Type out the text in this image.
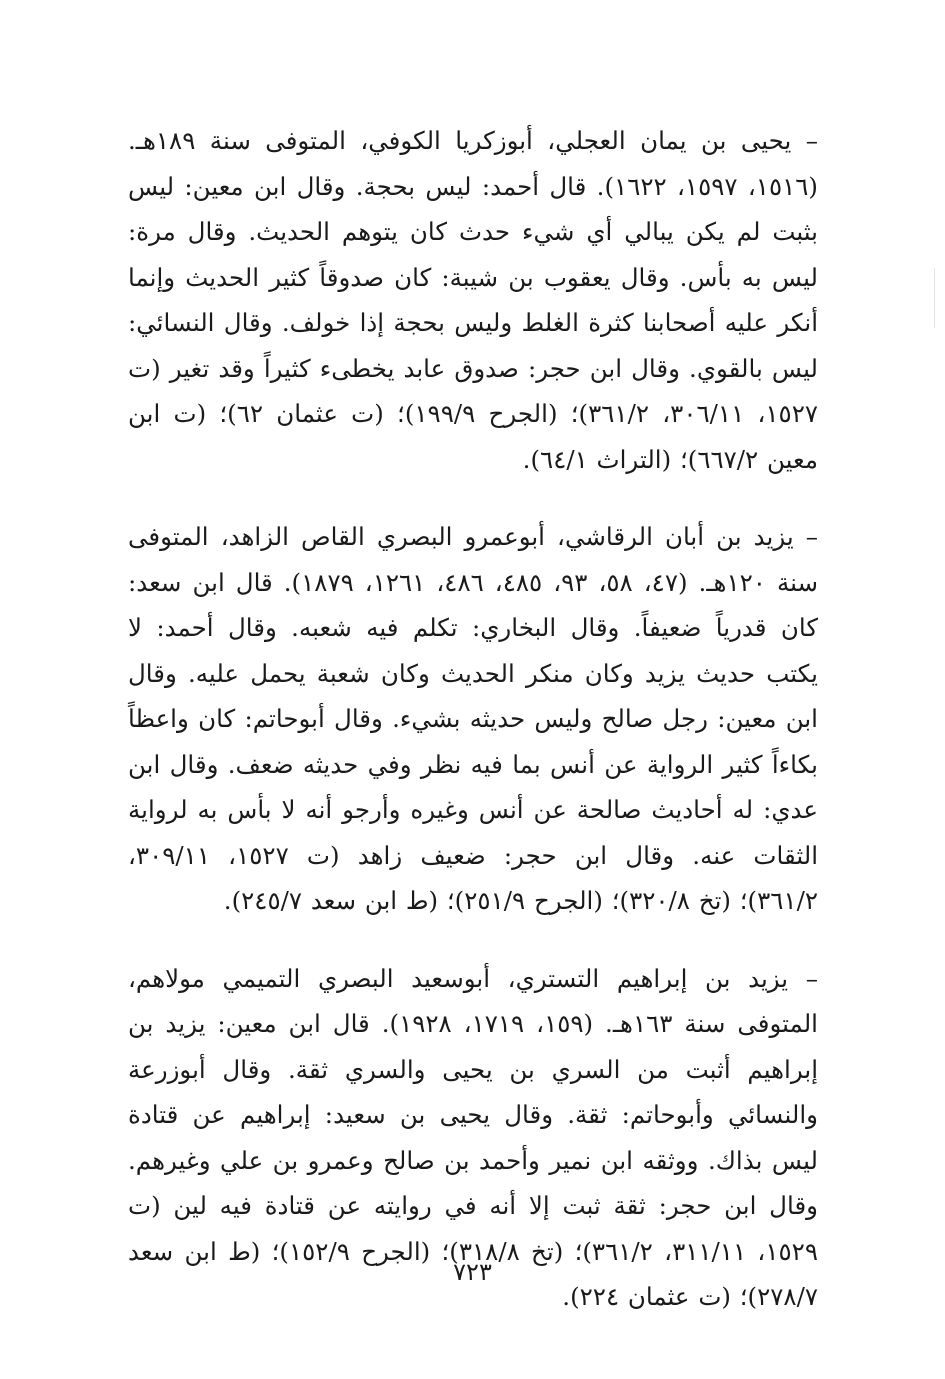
– يحيى بن يمان العجلي، أبوزكريا الكوفي، المتوفى سنة ١٨٩هـ. (١٥١٦، ١٥٩٧، ١٦٢٢). قال أحمد: ليس بحجة. وقال ابن معين: ليس بثبت لم يكن يبالي أي شيء حدث كان يتوهم الحديث. وقال مرة: ليس به بأس. وقال يعقوب بن شيبة: كان صدوقاً كثير الحديث وإنما أنكر عليه أصحابنا كثرة الغلط وليس بحجة إذا خولف. وقال النسائي: ليس بالقوي. وقال ابن حجر: صدوق عابد يخطىء كثيراً وقد تغير (ت ١٥٢٧، ٣٠٦/١١، ٣٦١/٢)؛ (الجرح ١٩٩/٩)؛ (ت عثمان ٦٢)؛ (ت ابن معين ٦٦٧/٢)؛ (التراث ٦٤/١).

– يزيد بن أبان الرقاشي، أبوعمرو البصري القاص الزاهد، المتوفى سنة ١٢٠هـ. (٤٧، ٥٨، ٩٣، ٤٨٥، ٤٨٦، ١٢٦١، ١٨٧٩). قال ابن سعد: كان قدرياً ضعيفاً. وقال البخاري: تكلم فيه شعبه. وقال أحمد: لا يكتب حديث يزيد وكان منكر الحديث وكان شعبة يحمل عليه. وقال ابن معين: رجل صالح وليس حديثه بشيء. وقال أبوحاتم: كان واعظاً بكاءاً كثير الرواية عن أنس بما فيه نظر وفي حديثه ضعف. وقال ابن عدي: له أحاديث صالحة عن أنس وغيره وأرجو أنه لا بأس به لرواية الثقات عنه. وقال ابن حجر: ضعيف زاهد (ت ١٥٢٧، ٣٠٩/١١، ٣٦١/٢)؛ (تخ ٣٢٠/٨)؛ (الجرح ٢٥١/٩)؛ (ط ابن سعد ٢٤٥/٧).

– يزيد بن إبراهيم التستري، أبوسعيد البصري التميمي مولاهم، المتوفى سنة ١٦٣هـ. (١٥٩، ١٧١٩، ١٩٢٨). قال ابن معين: يزيد بن إبراهيم أثبت من السري بن يحيى والسري ثقة. وقال أبوزرعة والنسائي وأبوحاتم: ثقة. وقال يحيى بن سعيد: إبراهيم عن قتادة ليس بذاك. ووثقه ابن نمير وأحمد بن صالح وعمرو بن علي وغيرهم. وقال ابن حجر: ثقة ثبت إلا أنه في روايته عن قتادة فيه لين (ت ١٥٢٩، ٣١١/١١، ٣٦١/٢)؛ (تخ ٣١٨/٨)؛ (الجرح ١٥٢/٩)؛ (ط ابن سعد ٢٧٨/٧)؛ (ت عثمان ٢٢٤).

٧٢٣
